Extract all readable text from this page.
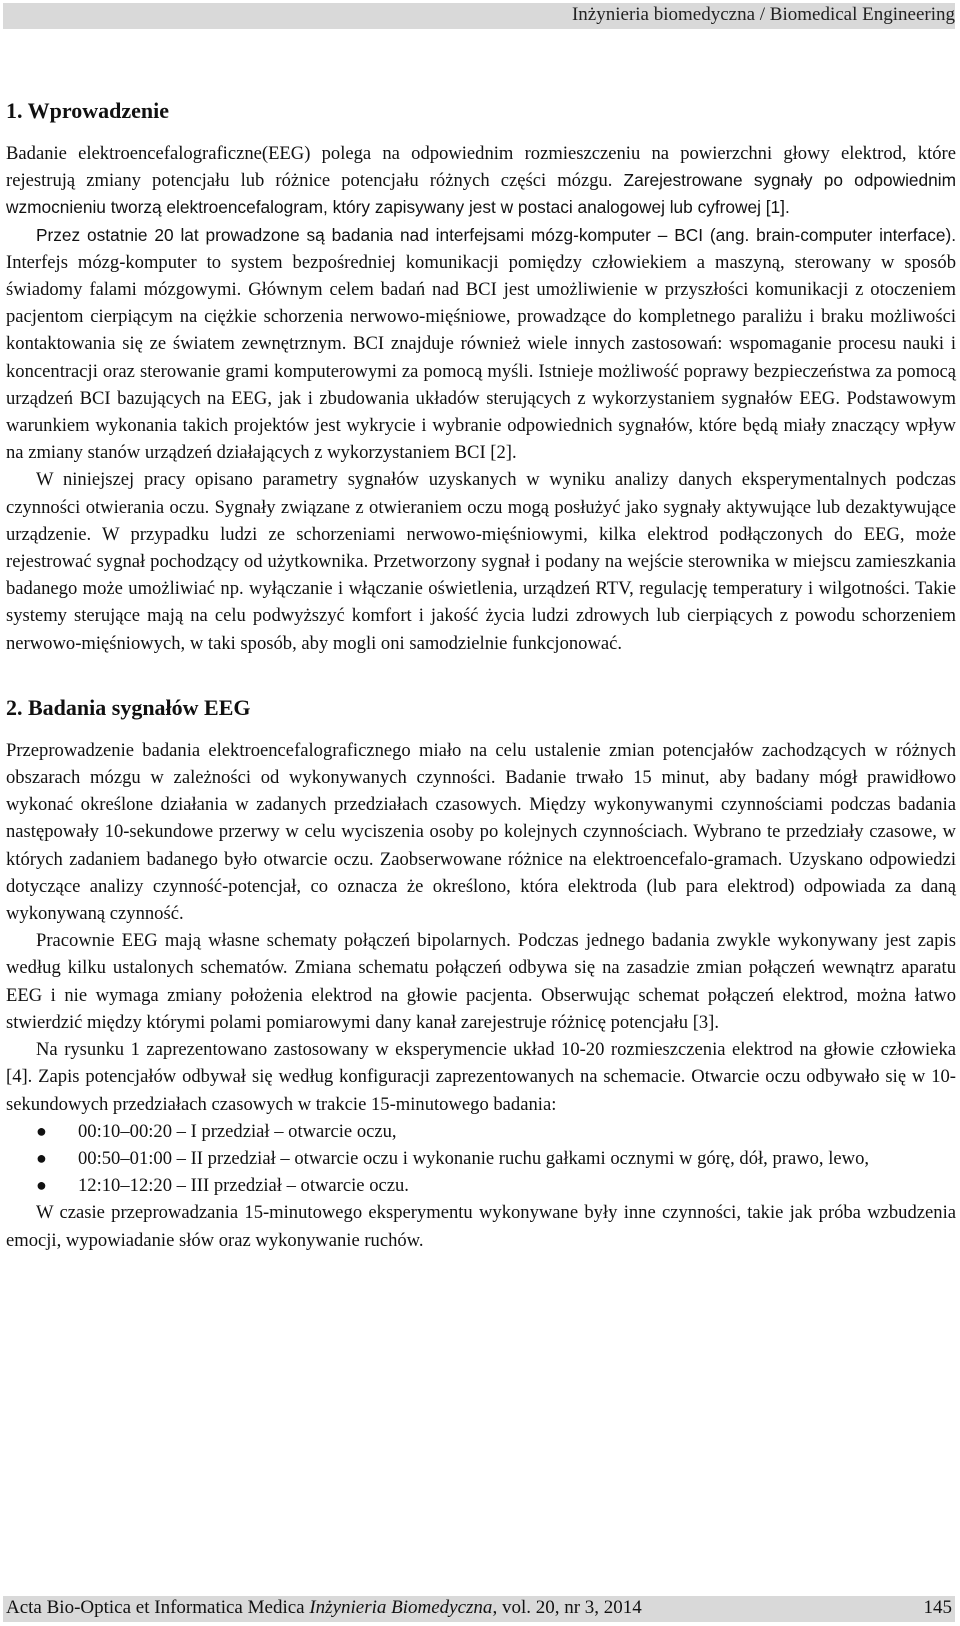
Inżynieria biomedyczna / Biomedical Engineering
1. Wprowadzenie

Badanie elektroencefalograficzne(EEG) polega na odpowiednim rozmieszczeniu na powierzchni głowy elektrod, które rejestrują zmiany potencjału lub różnice potencjału różnych części mózgu. Zarejestrowane sygnały po odpowiednim wzmocnieniu tworzą elektroencefalogram, który zapisywany jest w postaci analogowej lub cyfrowej [1].

Przez ostatnie 20 lat prowadzone są badania nad interfejsami mózg-komputer – BCI (ang. brain-computer interface). Interfejs mózg-komputer to system bezpośredniej komunikacji pomiędzy człowiekiem a maszyną, sterowany w sposób świadomy falami mózgowymi. Głównym celem badań nad BCI jest umożliwienie w przyszłości komunikacji z otoczeniem pacjentom cierpiącym na ciężkie schorzenia nerwowo-mięśniowe, prowadzące do kompletnego paraliżu i braku możliwości kontaktowania się ze światem zewnętrznym. BCI znajduje również wiele innych zastosowań: wspomaganie procesu nauki i koncentracji oraz sterowanie grami komputerowymi za pomocą myśli. Istnieje możliwość poprawy bezpieczeństwa za pomocą urządzeń BCI bazujących na EEG, jak i zbudowania układów sterujących z wykorzystaniem sygnałów EEG. Podstawowym warunkiem wykonania takich projektów jest wykrycie i wybranie odpowiednich sygnałów, które będą miały znaczący wpływ na zmiany stanów urządzeń działających z wykorzystaniem BCI [2].

W niniejszej pracy opisano parametry sygnałów uzyskanych w wyniku analizy danych eksperymentalnych podczas czynności otwierania oczu. Sygnały związane z otwieraniem oczu mogą posłużyć jako sygnały aktywujące lub dezaktywujące urządzenie. W przypadku ludzi ze schorzeniami nerwowo-mięśniowymi, kilka elektrod podłączonych do EEG, może rejestrować sygnał pochodzący od użytkownika. Przetworzony sygnał i podany na wejście sterownika w miejscu zamieszkania badanego może umożliwiać np. wyłączanie i włączanie oświetlenia, urządzeń RTV, regulację temperatury i wilgotności. Takie systemy sterujące mają na celu podwyższyć komfort i jakość życia ludzi zdrowych lub cierpiących z powodu schorzeniem nerwowo-mięśniowych, w taki sposób, aby mogli oni samodzielnie funkcjonować.

2. Badania sygnałów EEG

Przeprowadzenie badania elektroencefalograficznego miało na celu ustalenie zmian potencjałów zachodzących w różnych obszarach mózgu w zależności od wykonywanych czynności. Badanie trwało 15 minut, aby badany mógł prawidłowo wykonać określone działania w zadanych przedziałach czasowych. Między wykonywanymi czynnościami podczas badania następowały 10-sekundowe przerwy w celu wyciszenia osoby po kolejnych czynnościach. Wybrano te przedziały czasowe, w których zadaniem badanego było otwarcie oczu. Zaobserwowane różnice na elektroencefalo-gramach. Uzyskano odpowiedzi dotyczące analizy czynność-potencjał, co oznacza że określono, która elektroda (lub para elektrod) odpowiada za daną wykonywaną czynność.

Pracownie EEG mają własne schematy połączeń bipolarnych. Podczas jednego badania zwykle wykonywany jest zapis według kilku ustalonych schematów. Zmiana schematu połączeń odbywa się na zasadzie zmian połączeń wewnątrz aparatu EEG i nie wymaga zmiany położenia elektrod na głowie pacjenta. Obserwując schemat połączeń elektrod, można łatwo stwierdzić między którymi polami pomiarowymi dany kanał zarejestruje różnicę potencjału [3].

Na rysunku 1 zaprezentowano zastosowany w eksperymencie układ 10-20 rozmieszczenia elektrod na głowie człowieka [4]. Zapis potencjałów odbywał się według konfiguracji zaprezentowanych na schemacie. Otwarcie oczu odbywało się w 10-sekundowych przedziałach czasowych w trakcie 15-minutowego badania:

● 00:10–00:20 – I przedział – otwarcie oczu,
● 00:50–01:00 – II przedział – otwarcie oczu i wykonanie ruchu gałkami ocznymi w górę, dół, prawo, lewo,
● 12:10–12:20 – III przedział – otwarcie oczu.

W czasie przeprowadzania 15-minutowego eksperymentu wykonywane były inne czynności, takie jak próba wzbudzenia emocji, wypowiadanie słów oraz wykonywanie ruchów.

Acta Bio-Optica et Informatica Medica Inżynieria Biomedyczna, vol. 20, nr 3, 2014	145
